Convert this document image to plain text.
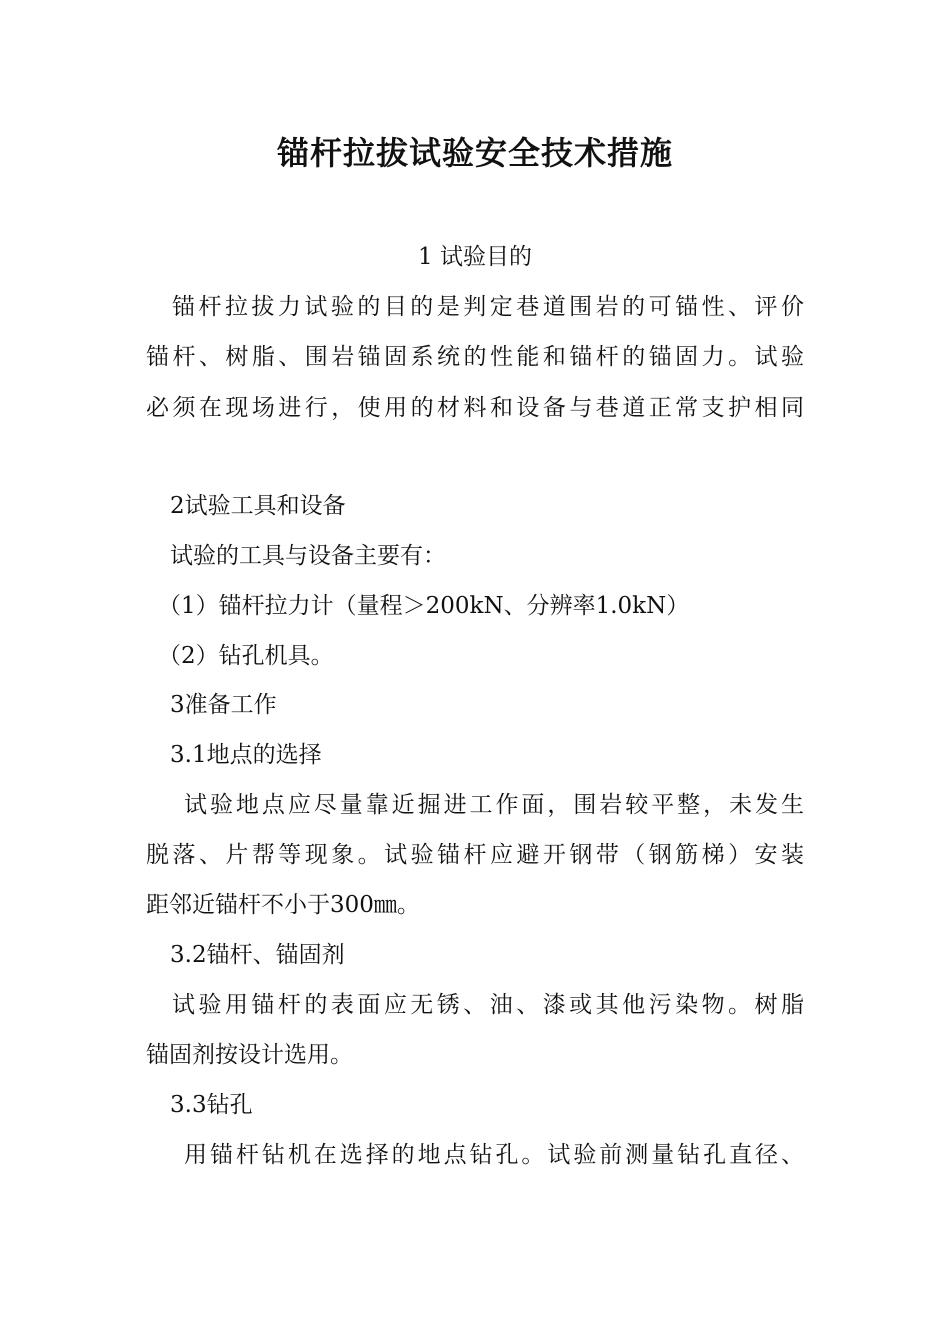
锚杆拉拔试验安全技术措施
1 试验目的
锚杆拉拔力试验的目的是判定巷道围岩的可锚性、评价
锚杆、树脂、围岩锚固系统的性能和锚杆的锚固力。试验
必须在现场进行，使用的材料和设备与巷道正常支护相同
2试验工具和设备
试验的工具与设备主要有：
（1）锚杆拉力计（量程＞200kN、分辨率1.0kN）
（2）钻孔机具。
3准备工作
3.1地点的选择
试验地点应尽量靠近掘进工作面，围岩较平整，未发生
脱落、片帮等现象。试验锚杆应避开钢带（钢筋梯）安装
距邻近锚杆不小于300㎜。
3.2锚杆、锚固剂
试验用锚杆的表面应无锈、油、漆或其他污染物。树脂
锚固剂按设计选用。
3.3钻孔
用锚杆钻机在选择的地点钻孔。试验前测量钻孔直径、
